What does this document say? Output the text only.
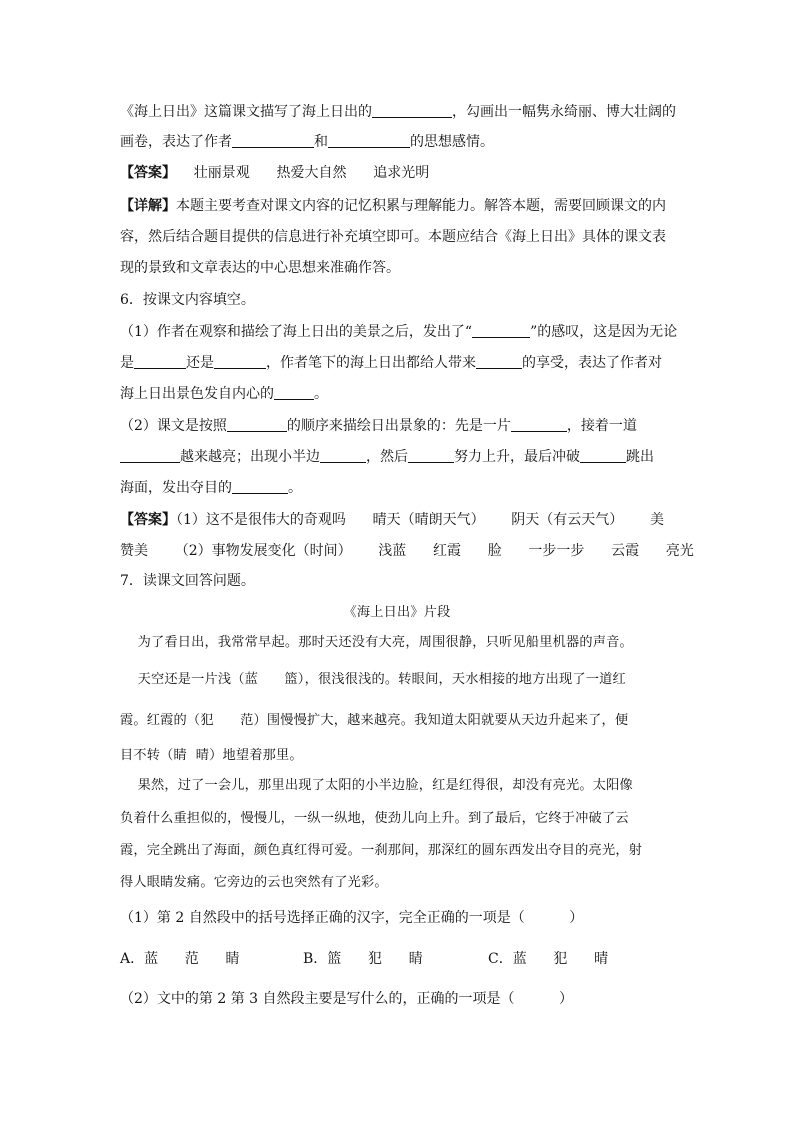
《海上日出》这篇课文描写了海上日出的	，勾画出一幅隽永绮丽、博大壮阔的
画卷，表达了作者	和	的思想感情。
【答案】    壮丽景观      热爱大自然      追求光明
【详解】本题主要考查对课文内容的记忆积累与理解能力。解答本题，需要回顾课文的内
容，然后结合题目提供的信息进行补充填空即可。本题应结合《海上日出》具体的课文表
现的景致和文章表达的中心思想来准确作答。
6．按课文内容填空。
（1）作者在观察和描绘了海上日出的美景之后，发出了“	”的感叹，这是因为无论
是	还是	，作者笔下的海上日出都给人带来	的享受，表达了作者对
海上日出景色发自内心的	。
（2）课文是按照	的顺序来描绘日出景象的：先是一片	，接着一道
越来越亮；出现小半边	，然后	努力上升，最后冲破	跳出
海面，发出夺目的	。
【答案】（1）这不是很伟大的奇观吗      晴天（晴朗天气）      阴天（有云天气）      美
赞美      （2）事物发展变化（时间）      浅蓝      红霞      脸      一步一步      云霞      亮光
7．读课文回答问题。
《海上日出》片段
为了看日出，我常常早起。那时天还没有大亮，周围很静，只听见船里机器的声音。
天空还是一片浅（蓝      篮），很浅很浅的。转眼间，天水相接的地方出现了一道红
霞。红霞的（犯      范）围慢慢扩大，越来越亮。我知道太阳就要从天边升起来了，便
目不转（睛  晴）地望着那里。
果然，过了一会儿，那里出现了太阳的小半边脸，红是红得很，却没有亮光。太阳像
负着什么重担似的，慢慢儿，一纵一纵地，使劲儿向上升。到了最后，它终于冲破了云
霞，完全跳出了海面，颜色真红得可爱。一刹那间，那深红的圆东西发出夺目的亮光，射
得人眼睛发痛。它旁边的云也突然有了光彩。
（1）第 2 自然段中的括号选择正确的汉字，完全正确的一项是（          ）
A．蓝      范      睛	B．篮      犯      睛	C．蓝      犯      晴
（2）文中的第 2 第 3 自然段主要是写什么的，正确的一项是（          ）
